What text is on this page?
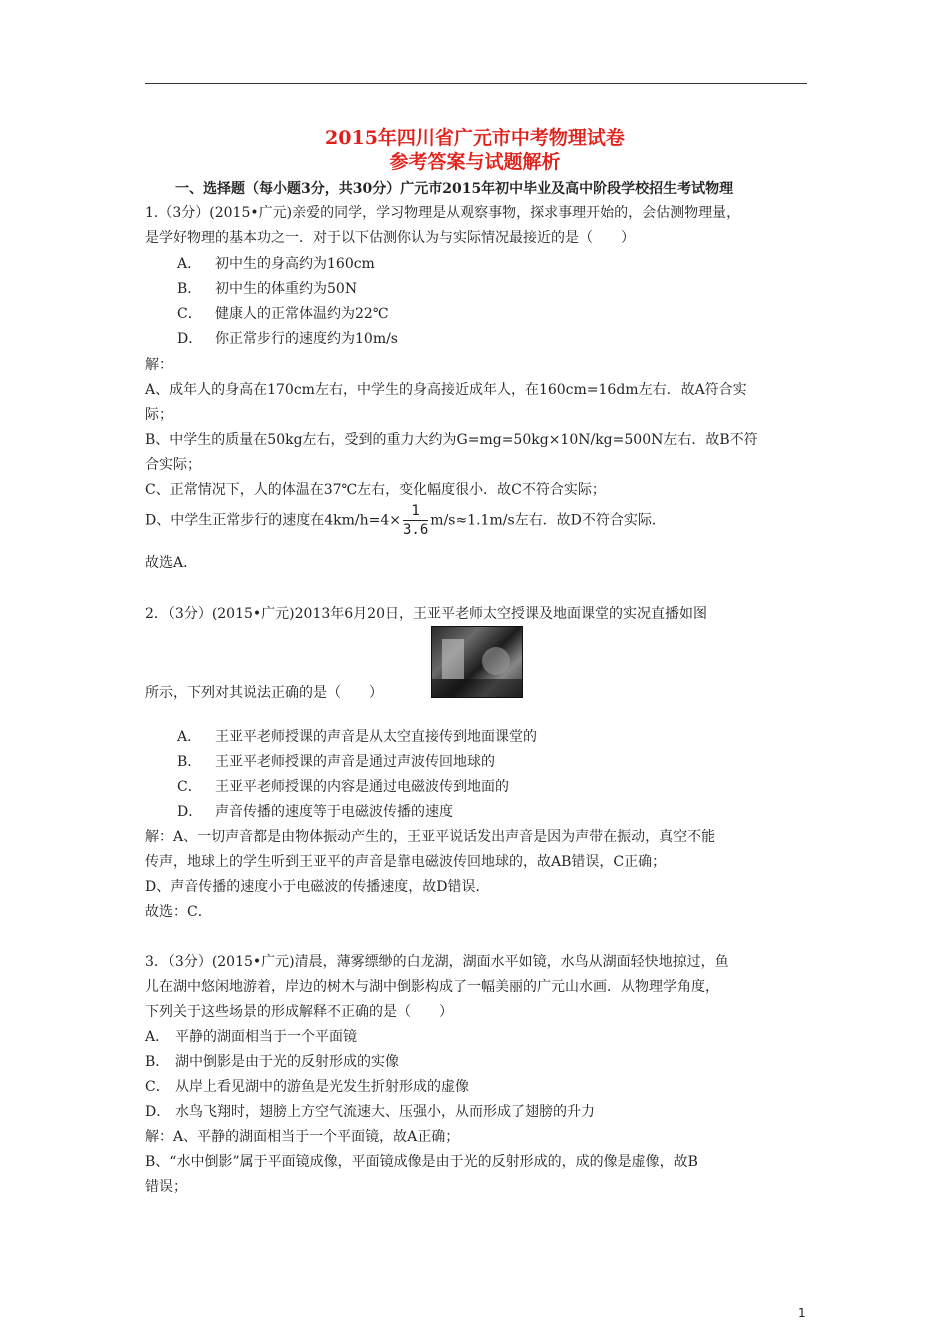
2015年四川省广元市中考物理试卷
参考答案与试题解析
一、选择题（每小题3分，共30分）广元市2015年初中毕业及高中阶段学校招生考试物理
1.（3分）(2015•广元)亲爱的同学，学习物理是从观察事物，探求事理开始的，会估测物理量，
是学好物理的基本功之一．对于以下估测你认为与实际情况最接近的是（　　）
A． 初中生的身高约为160cm
B． 初中生的体重约为50N
C． 健康人的正常体温约为22℃
D． 你正常步行的速度约为10m/s
解：
A、成年人的身高在170cm左右，中学生的身高接近成年人，在160cm=16dm左右．故A符合实
际；
B、中学生的质量在50kg左右，受到的重力大约为G=mg=50kg×10N/kg=500N左右．故B不符
合实际；
C、正常情况下，人的体温在37℃左右，变化幅度很小．故C不符合实际；
D、中学生正常步行的速度在$4km/h=4\times \frac{1}{3.6} m/s\approx 1.1m/s$左右．故D不符合实际．
故选A．
2．（3分）(2015•广元)2013年6月20日，王亚平老师太空授课及地面课堂的实况直播如图
所示，下列对其说法正确的是（　　）
A． 王亚平老师授课的声音是从太空直接传到地面课堂的
B． 王亚平老师授课的声音是通过声波传回地球的
C． 王亚平老师授课的内容是通过电磁波传到地面的
D． 声音传播的速度等于电磁波传播的速度
解：A、一切声音都是由物体振动产生的，王亚平说话发出声音是因为声带在振动，真空不能
传声，地球上的学生听到王亚平的声音是靠电磁波传回地球的，故AB错误，C正确；
D、声音传播的速度小于电磁波的传播速度，故D错误．
故选：C．
3．（3分）(2015•广元)清晨，薄雾缥缈的白龙湖，湖面水平如镜，水鸟从湖面轻快地掠过，鱼
儿在湖中悠闲地游着，岸边的树木与湖中倒影构成了一幅美丽的广元山水画．从物理学角度，
下列关于这些场景的形成解释不正确的是（　　）
A． 平静的湖面相当于一个平面镜
B． 湖中倒影是由于光的反射形成的实像
C． 从岸上看见湖中的游鱼是光发生折射形成的虚像
D． 水鸟飞翔时，翅膀上方空气流速大、压强小，从而形成了翅膀的升力
解：A、平静的湖面相当于一个平面镜，故A正确；
B、“水中倒影”属于平面镜成像，平面镜成像是由于光的反射形成的，成的像是虚像，故B
错误；
1
